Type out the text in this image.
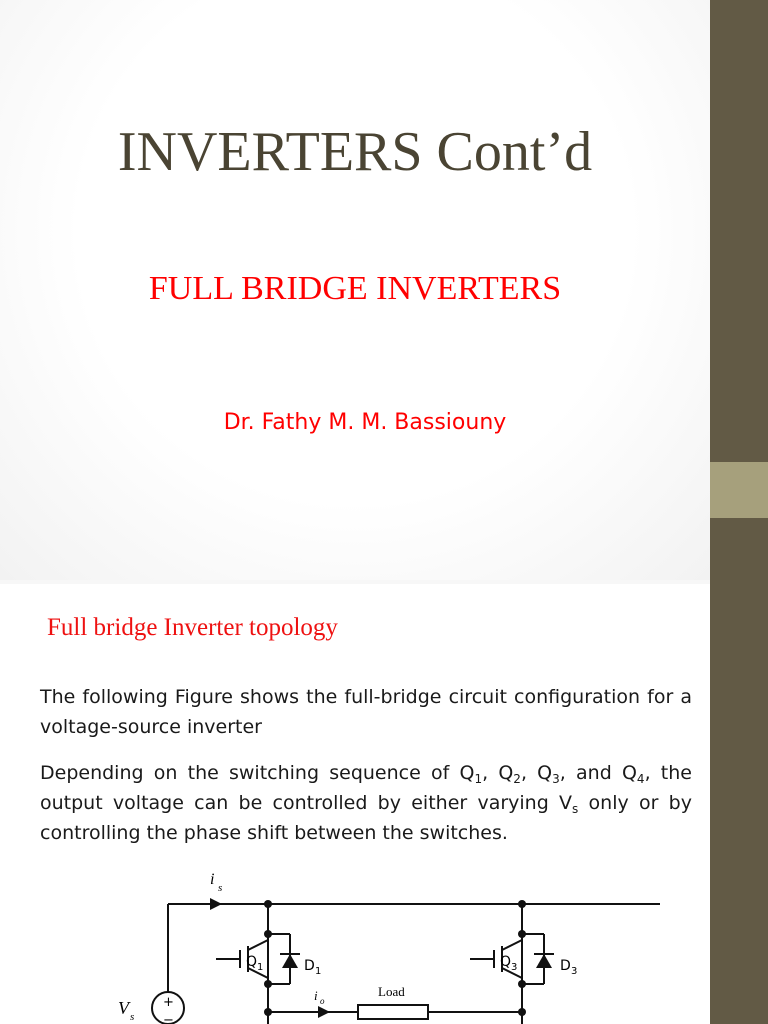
INVERTERS Cont’d
FULL BRIDGE INVERTERS
Dr. Fathy M. M. Bassiouny
Full bridge Inverter topology
The following Figure shows the full-bridge circuit configuration for a voltage-source inverter
Depending on the switching sequence of $Q_1$, $Q_2$, $Q_3$, and $Q_4$, the output voltage can be controlled by either varying $V_s$ only or by controlling the phase shift between the switches.
+
−
i s
V s
Q 1	D 1
Q 3	D 3
i o
Load
